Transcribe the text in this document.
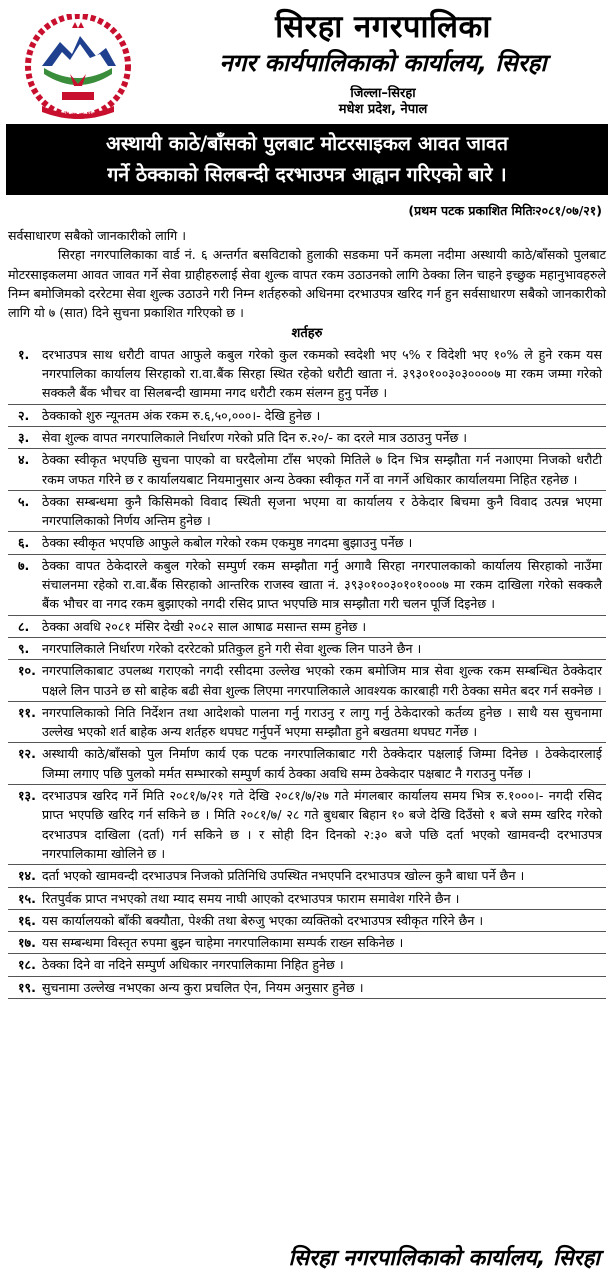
नेपाल सरकार
सिरहा नगरपालिका
नगर कार्यपालिकाको कार्यालय, सिरहा
जिल्ला–सिरहा
मधेश प्रदेश, नेपाल
अस्थायी काठे/बाँसको पुलबाट मोटरसाइकल आवत जावत
गर्ने ठेक्काको सिलबन्दी दरभाउपत्र आह्वान गरिएको बारे ।
(प्रथम पटक प्रकाशित मितिः२०८१/०७/२१)
सर्वसाधारण सबैको जानकारीको लागि ।

सिरहा नगरपालिकाका वार्ड नं. ६ अन्तर्गत बसविटाको हुलाकी सडकमा पर्ने कमला नदीमा अस्थायी काठे/बाँसको पुलबाट मोटरसाइकलमा आवत जावत गर्ने सेवा ग्राहीहरुलाई सेवा शुल्क वापत रकम उठाउनको लागि ठेक्का लिन चाहने इच्छुक महानुभावहरुले निम्न बमोजिमको दररेटमा सेवा शुल्क उठाउने गरी निम्न शर्तहरुको अधिनमा दरभाउपत्र खरिद गर्न हुन सर्वसाधारण सबैको जानकारीको लागि यो ७ (सात) दिने सुचना प्रकाशित गरिएको छ ।

शर्तहरु
१. दरभाउपत्र साथ धरौटी वापत आफुले कबुल गरेको कुल रकमको स्वदेशी भए ५% र विदेशी भए १०% ले हुने रकम यस नगरपालिका कार्यालय सिरहाको रा.वा.बैंक सिरहा स्थित रहेको धरौटी खाता नं. ३९३०१००३०३००००७ मा रकम जम्मा गरेको सक्कलै बैंक भौचर वा सिलबन्दी खाममा नगद धरौटी रकम संलग्न हुनु पर्नेछ ।
२. ठेक्काको शुरु न्यूनतम अंक रकम रु.६,५०,०००।- देखि हुनेछ ।
३. सेवा शुल्क वापत नगरपालिकाले निर्धारण गरेको प्रति दिन रु.२०/- का दरले मात्र उठाउनु पर्नेछ ।
४. ठेक्का स्वीकृत भएपछि सुचना पाएको वा घरदैलोमा टाँस भएको मितिले ७ दिन भित्र सम्झौता गर्न नआएमा निजको धरौटी रकम जफत गरिने छ र कार्यालयबाट नियमानुसार अन्य ठेक्का स्वीकृत गर्ने वा नगर्ने अधिकार कार्यालयमा निहित रहनेछ ।
५. ठेक्का सम्बन्धमा कुनै किसिमको विवाद स्थिती सृजना भएमा वा कार्यालय र ठेकेदार बिचमा कुनै विवाद उत्पन्न भएमा नगरपालिकाको निर्णय अन्तिम हुनेछ ।
६. ठेक्का स्वीकृत भएपछि आफुले कबोल गरेको रकम एकमुष्ठ नगदमा बुझाउनु पर्नेछ ।
७. ठेक्का वापत ठेकेदारले कबुल गरेको सम्पुर्ण रकम सम्झौता गर्नु अगावै सिरहा नगरपालकाको कार्यालय सिरहाको नाउँमा संचालनमा रहेको रा.वा.बैंक सिरहाको आन्तरिक राजस्व खाता नं. ३९३०१००३०१०१०००७ मा रकम दाखिला गरेको सक्कलै बैंक भौचर वा नगद रकम बुझाएको नगदी रसिद प्राप्त भएपछि मात्र सम्झौता गरी चलन पूर्जि दिइनेछ ।
८. ठेक्का अवधि २०८१ मंसिर देखी २०८२ साल आषाढ मसान्त सम्म हुनेछ ।
९. नगरपालिकाले निर्धारण गरेको दररेटको प्रतिकुल हुने गरी सेवा शुल्क लिन पाउने छैन ।
१०. नगरपालिकाबाट उपलब्ध गराएको नगदी रसीदमा उल्लेख भएको रकम बमोजिम मात्र सेवा शुल्क रकम सम्बन्धित ठेक्केदार पक्षले लिन पाउने छ सो बाहेक बढी सेवा शुल्क लिएमा नगरपालिकाले आवश्यक कारबाही गरी ठेक्का समेत बदर गर्न सक्नेछ ।
११. नगरपालिकाको निति निर्देशन तथा आदेशको पालना गर्नु गराउनु र लागु गर्नु ठेकेदारको कर्तव्य हुनेछ । साथै यस सुचनामा उल्लेख भएको शर्त बाहेक अन्य शर्तहरु थपघट गर्नुपर्ने भएमा सम्झौता हुने बखतमा थपघट गर्नेछ ।
१२. अस्थायी काठे/बाँसको पुल निर्माण कार्य एक पटक नगरपालिकाबाट गरी ठेक्केदार पक्षलाई जिम्मा दिनेछ । ठेक्केदारलाई जिम्मा लगाए पछि पुलको मर्मत सम्भारको सम्पुर्ण कार्य ठेक्का अवधि सम्म ठेक्केदार पक्षबाट नै गराउनु पर्नेछ ।
१३. दरभाउपत्र खरिद गर्ने मिति २०८१/७/२१ गते देखि २०८१/७/२७ गते मंगलबार कार्यालय समय भित्र रु.१०००।- नगदी रसिद प्राप्त भएपछि खरिद गर्न सकिने छ । मिति २०८१/७/ २८ गते बुधबार बिहान १० बजे देखि दिउँसो १ बजे सम्म खरिद गरेको दरभाउपत्र दाखिला (दर्ता) गर्न सकिने छ । र सोही दिन दिनको २:३० बजे पछि दर्ता भएको खामवन्दी दरभाउपत्र नगरपालिकामा खोलिने छ ।
१४. दर्ता भएको खामवन्दी दरभाउपत्र निजको प्रतिनिधि उपस्थित नभएपनि दरभाउपत्र खोल्न कुनै बाधा पर्ने छैन ।
१५. रितपुर्वक प्राप्त नभएको तथा म्याद समय नाघी आएको दरभाउपत्र फाराम समावेश गरिने छैन ।
१६. यस कार्यालयको बाँकी बक्यौता, पेश्की तथा बेरुजु भएका व्यक्तिको दरभाउपत्र स्वीकृत गरिने छैन ।
१७. यस सम्बन्धमा विस्तृत रुपमा बुझ्न चाहेमा नगरपालिकामा सम्पर्क राख्न सकिनेछ ।
१८. ठेक्का दिने वा नदिने सम्पुर्ण अधिकार नगरपालिकामा निहित हुनेछ ।
१९. सुचनामा उल्लेख नभएका अन्य कुरा प्रचलित ऐन, नियम अनुसार हुनेछ ।
सिरहा नगरपालिकाको कार्यालय, सिरहा
